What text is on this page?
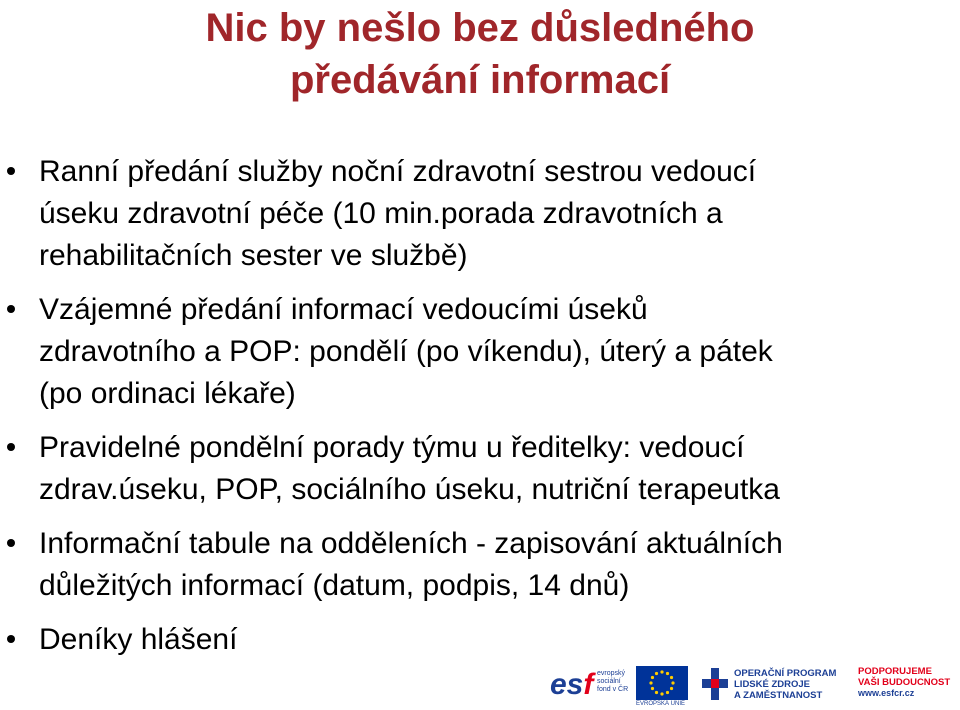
Nic by nešlo bez důsledného
předávání informací
Ranní předání služby noční zdravotní sestrou vedoucí
úseku zdravotní péče (10 min.porada zdravotních a
rehabilitačních sester ve službě)
Vzájemné předání informací vedoucími úseků
zdravotního a POP: pondělí (po víkendu), úterý a pátek
(po ordinaci lékaře)
Pravidelné pondělní porady týmu u ředitelky: vedoucí
zdrav.úseku, POP, sociálního úseku, nutriční terapeutka
Informační tabule na odděleních - zapisování aktuálních
důležitých informací (datum, podpis, 14 dnů)
Deníky hlášení
esf evropský
sociální
fond v ČR
EVROPSKÁ UNIE
OPERAČNÍ PROGRAM
LIDSKÉ ZDROJE
A ZAMĚSTNANOST
PODPORUJEME
VAŠI BUDOUCNOST
www.esfcr.cz
